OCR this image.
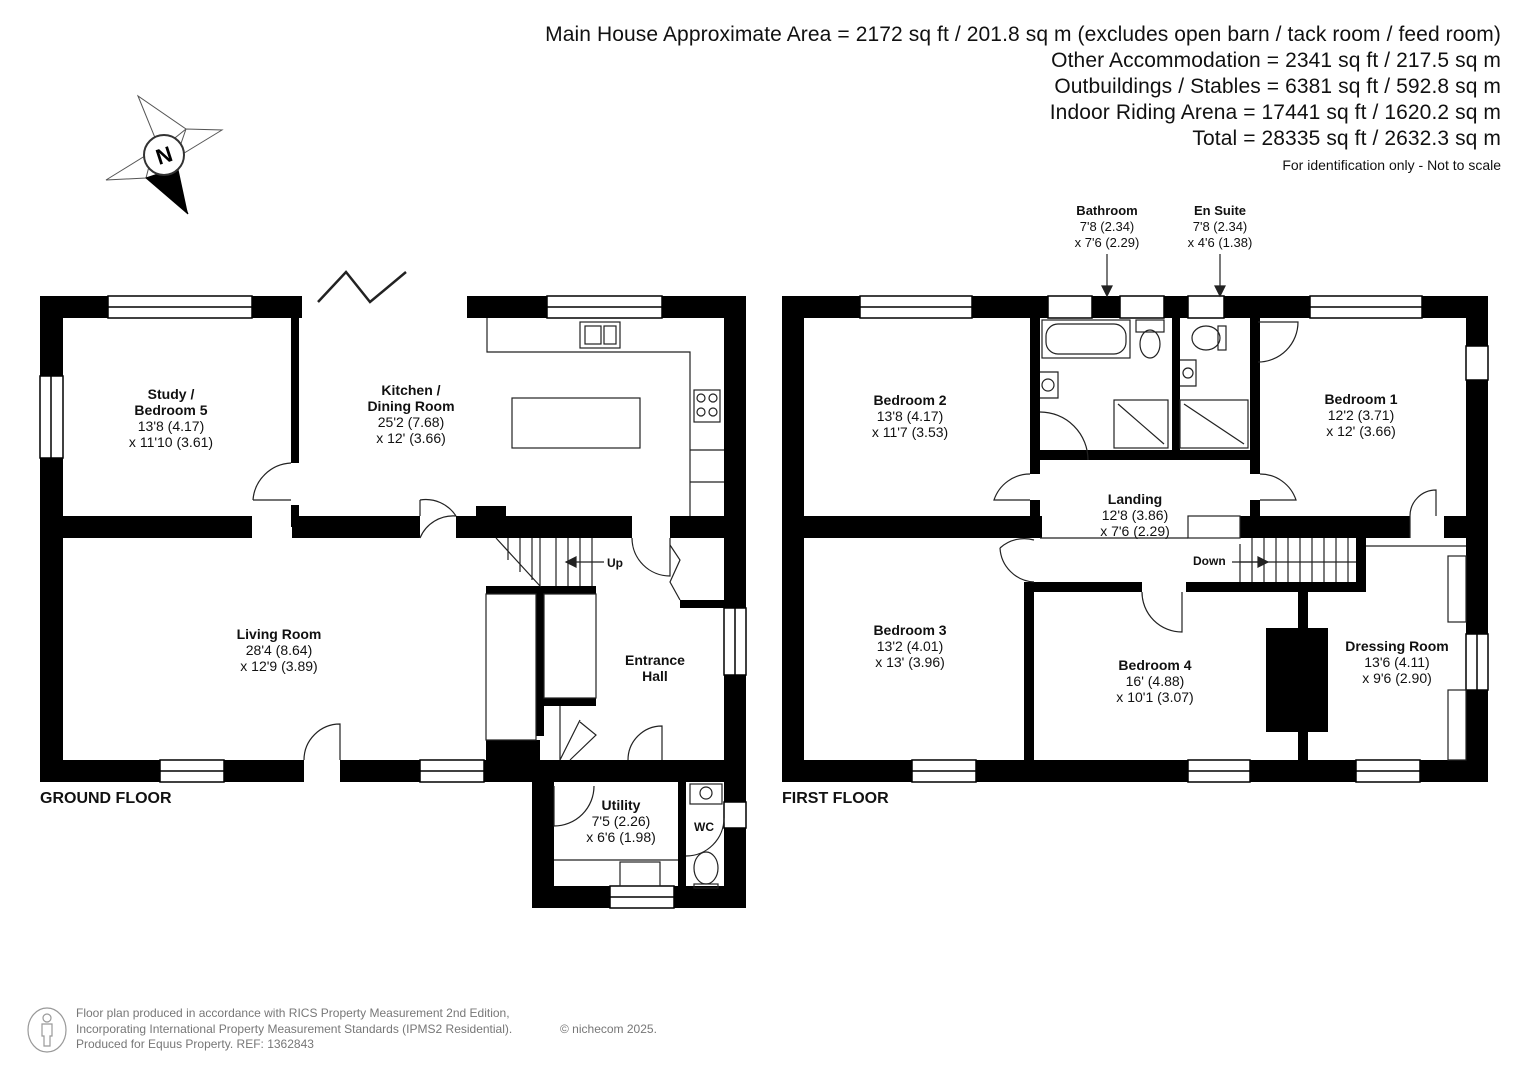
Main House Approximate Area = 2172 sq ft / 201.8 sq m (excludes open barn / tack room / feed room)
Other Accommodation = 2341 sq ft / 217.5 sq m
Outbuildings / Stables = 6381 sq ft / 592.8 sq m
Indoor Riding Arena = 17441 sq ft / 1620.2 sq m
Total = 28335 sq ft / 2632.3 sq m
For identification only - Not to scale
N
Study /
Bedroom 5
13'8 (4.17)
x 11'10 (3.61)
Kitchen /
Dining Room
25'2 (7.68)
x 12' (3.66)
Living Room
28'4 (8.64)
x 12'9 (3.89)	Entrance
Hall
Utility
7'5 (2.26)
x 6'6 (1.98)
WC
Up
GROUND FLOOR
Bathroom
7'8 (2.34)
x 7'6 (2.29)
En Suite
7'8 (2.34)
x 4'6 (1.38)
Bedroom 2
13'8 (4.17)
x 11'7 (3.53)
Bedroom 1
12'2 (3.71)
x 12' (3.66)
Landing
12'8 (3.86)
x 7'6 (2.29)
Bedroom 3
13'2 (4.01)
x 13' (3.96)	Bedroom 4
16' (4.88)
x 10'1 (3.07)
Dressing Room
13'6 (4.11)
x 9'6 (2.90)
Down
FIRST FLOOR
Floor plan produced in accordance with RICS Property Measurement 2nd Edition,
Incorporating International Property Measurement Standards (IPMS2 Residential).
Produced for Equus Property. REF: 1362843
© nichecom 2025.
